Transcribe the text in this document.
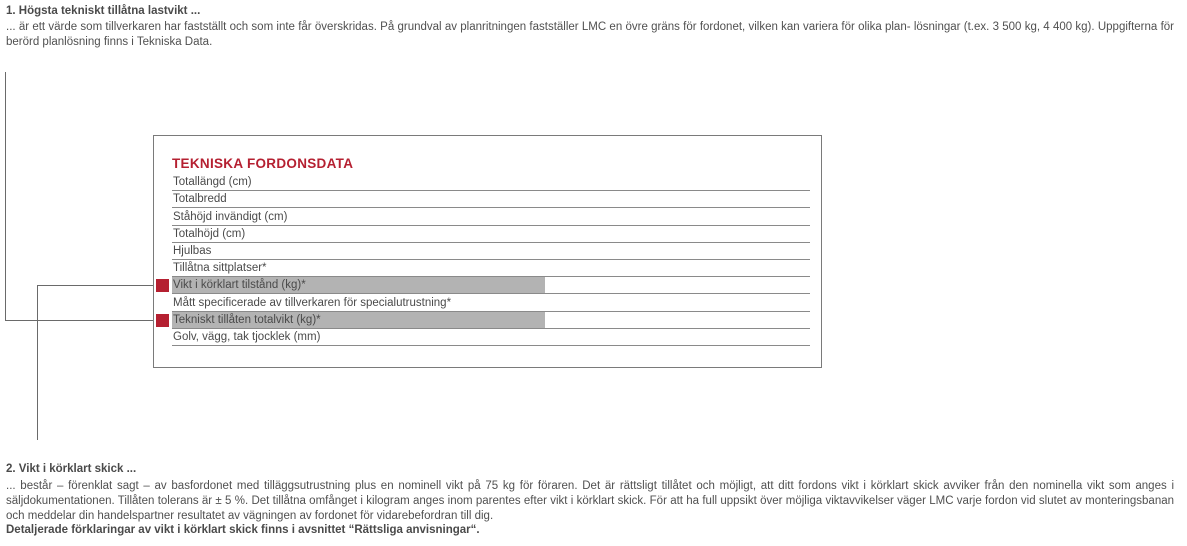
1. Högsta tekniskt tillåtna lastvikt ...
... är ett värde som tillverkaren har fastställt och som inte får överskridas. På grundval av planritningen fastställer LMC en övre gräns för fordonet, vilken kan variera för olika plan- lösningar (t.ex. 3 500 kg, 4 400 kg). Uppgifterna för berörd planlösning finns i Tekniska Data.
TEKNISKA FORDONSDATA
Totallängd (cm)
Totalbredd
Ståhöjd invändigt (cm)
Totalhöjd (cm)
Hjulbas
Tillåtna sittplatser*
Vikt i körklart tilstånd (kg)*
Mått specificerade av tillverkaren för specialutrustning*
Tekniskt tillåten totalvikt (kg)*
Golv, vägg, tak tjocklek (mm)
2. Vikt i körklart skick ...
... består – förenklat sagt – av basfordonet med tilläggsutrustning plus en nominell vikt på 75 kg för föraren. Det är rättsligt tillåtet och möjligt, att ditt fordons vikt i körklart skick avviker från den nominella vikt som anges i säljdokumentationen. Tillåten tolerans är ± 5 %. Det tillåtna omfånget i kilogram anges inom parentes efter vikt i körklart skick. För att ha full uppsikt över möjliga viktavvikelser väger LMC varje fordon vid slutet av monteringsbanan och meddelar din handelspartner resultatet av vägningen av fordonet för vidarebefordran till dig.
Detaljerade förklaringar av vikt i körklart skick finns i avsnittet “Rättsliga anvisningar“.
